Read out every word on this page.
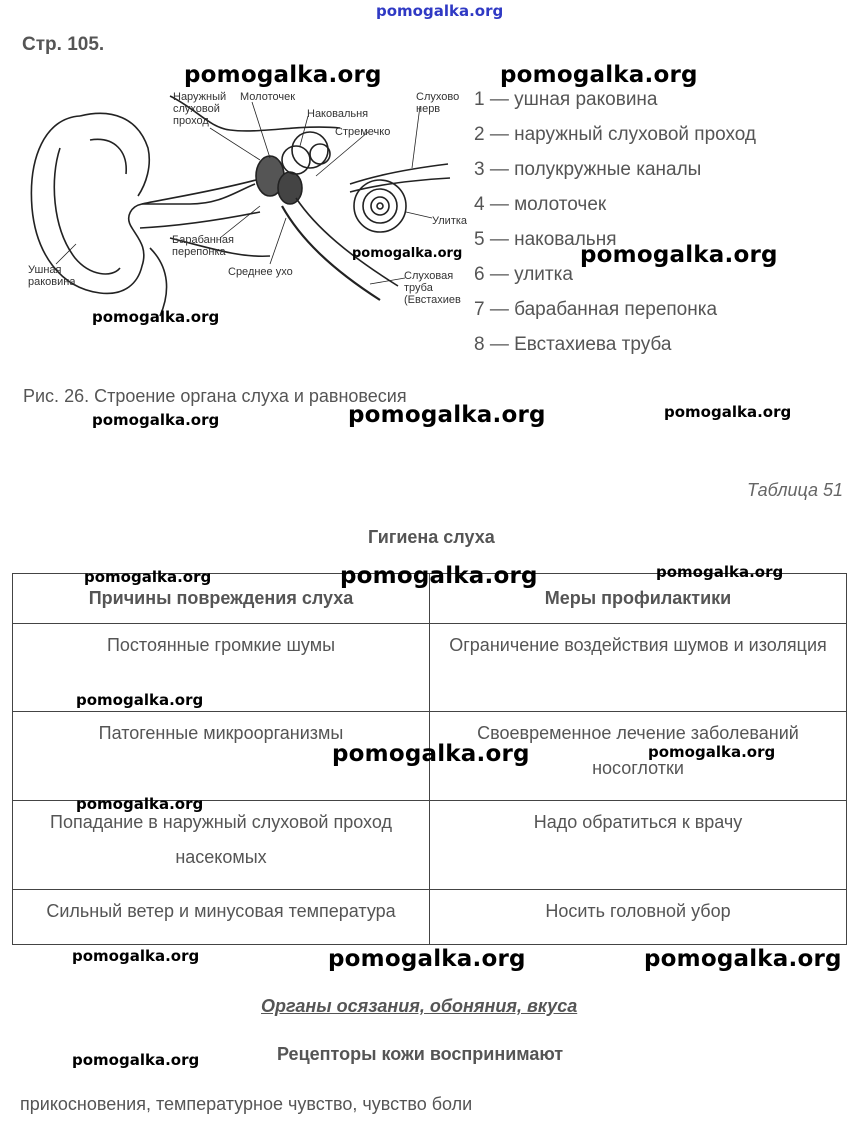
pomogalka.org
Стр. 105.
Наружный
слуховой
проход
Молоточек
Наковальня
Стремечко
Слухово
нерв
Улитка
Барабанная
перепонка
Среднее ухо	Слуховая
труба
(Евстахиев
Ушная
раковина
1 — ушная раковина
2 — наружный слуховой проход
3 — полукружные каналы
4 — молоточек
5 — наковальня
6 — улитка
7 — барабанная перепонка
8 — Евстахиева труба
Рис. 26. Строение органа слуха и равновесия
Таблица 51
Гигиена слуха
Причины повреждения слуха	Меры профилактики
Постоянные громкие шумы	Ограничение воздействия шумов и изоляция
Патогенные микроорганизмы	Своевременное лечение заболеваний носоглотки
Попадание в наружный слуховой проход насекомых	Надо обратиться к врачу
Сильный ветер и минусовая температура	Носить головной убор
Органы осязания, обоняния, вкуса
Рецепторы кожи воспринимают
прикосновения, температурное чувство, чувство боли
pomogalka.org	pomogalka.org
pomogalka.org	pomogalka.org
pomogalka.org
pomogalka.org
pomogalka.org	pomogalka.org
pomogalka.org	pomogalka.org	pomogalka.org
pomogalka.org
pomogalka.org	pomogalka.org
pomogalka.org
pomogalka.org	pomogalka.org	pomogalka.org
pomogalka.org
